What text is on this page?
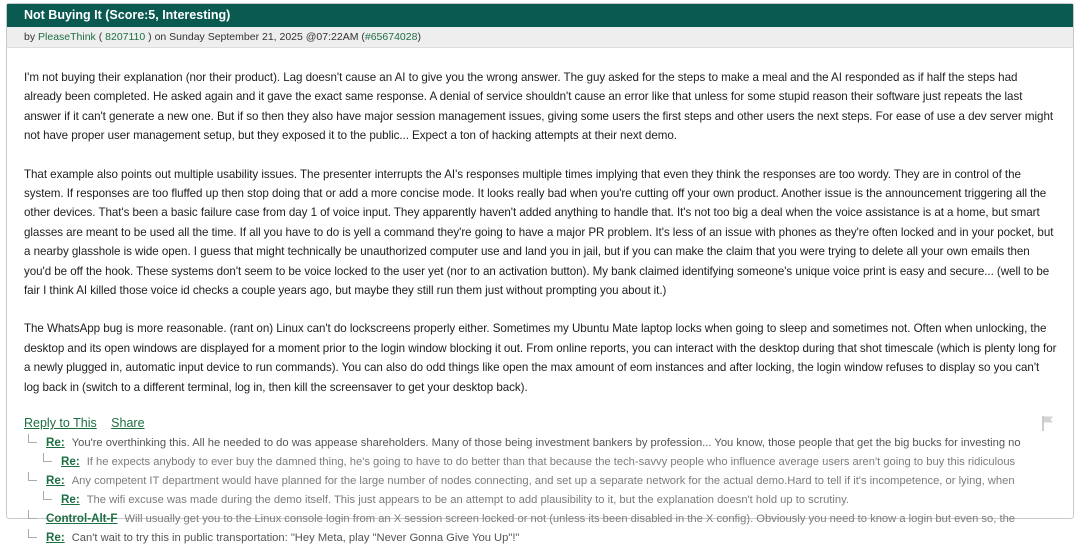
Not Buying It (Score:5, Interesting)
by PleaseThink ( 8207110 ) on Sunday September 21, 2025 @07:22AM (#65674028)

I'm not buying their explanation (nor their product). Lag doesn't cause an AI to give you the wrong answer. The guy asked for the steps to make a meal and the AI responded as if half the steps had already been completed. He asked again and it gave the exact same response. A denial of service shouldn't cause an error like that unless for some stupid reason their software just repeats the last answer if it can't generate a new one. But if so then they also have major session management issues, giving some users the first steps and other users the next steps. For ease of use a dev server might not have proper user management setup, but they exposed it to the public... Expect a ton of hacking attempts at their next demo.

That example also points out multiple usability issues. The presenter interrupts the AI's responses multiple times implying that even they think the responses are too wordy. They are in control of the system. If responses are too fluffed up then stop doing that or add a more concise mode. It looks really bad when you're cutting off your own product. Another issue is the announcement triggering all the other devices. That's been a basic failure case from day 1 of voice input. They apparently haven't added anything to handle that. It's not too big a deal when the voice assistance is at a home, but smart glasses are meant to be used all the time. If all you have to do is yell a command they're going to have a major PR problem. It's less of an issue with phones as they're often locked and in your pocket, but a nearby glasshole is wide open. I guess that might technically be unauthorized computer use and land you in jail, but if you can make the claim that you were trying to delete all your own emails then you'd be off the hook. These systems don't seem to be voice locked to the user yet (nor to an activation button). My bank claimed identifying someone's unique voice print is easy and secure... (well to be fair I think AI killed those voice id checks a couple years ago, but maybe they still run them just without prompting you about it.)

The WhatsApp bug is more reasonable. (rant on) Linux can't do lockscreens properly either. Sometimes my Ubuntu Mate laptop locks when going to sleep and sometimes not. Often when unlocking, the desktop and its open windows are displayed for a moment prior to the login window blocking it out. From online reports, you can interact with the desktop during that shot timescale (which is plenty long for a newly plugged in, automatic input device to run commands). You can also do odd things like open the max amount of eom instances and after locking, the login window refuses to display so you can't log back in (switch to a different terminal, log in, then kill the screensaver to get your desktop back).

Reply to This Share
Re: You're overthinking this. All he needed to do was appease shareholders. Many of those being investment bankers by profession... You know, those people that get the big bucks for investing no
Re: If he expects anybody to ever buy the damned thing, he's going to have to do better than that because the tech-savvy people who influence average users aren't going to buy this ridiculous
Re: Any competent IT department would have planned for the large number of nodes connecting, and set up a separate network for the actual demo.Hard to tell if it's incompetence, or lying, when
Re: The wifi excuse was made during the demo itself. This just appears to be an attempt to add plausibility to it, but the explanation doesn't hold up to scrutiny.
Control-Alt-F Will usually get you to the Linux console login from an X session screen locked or not (unless its been disabled in the X config). Obviously you need to know a login but even so, the
Re: Can't wait to try this in public transportation: "Hey Meta, play "Never Gonna Give You Up"!"
